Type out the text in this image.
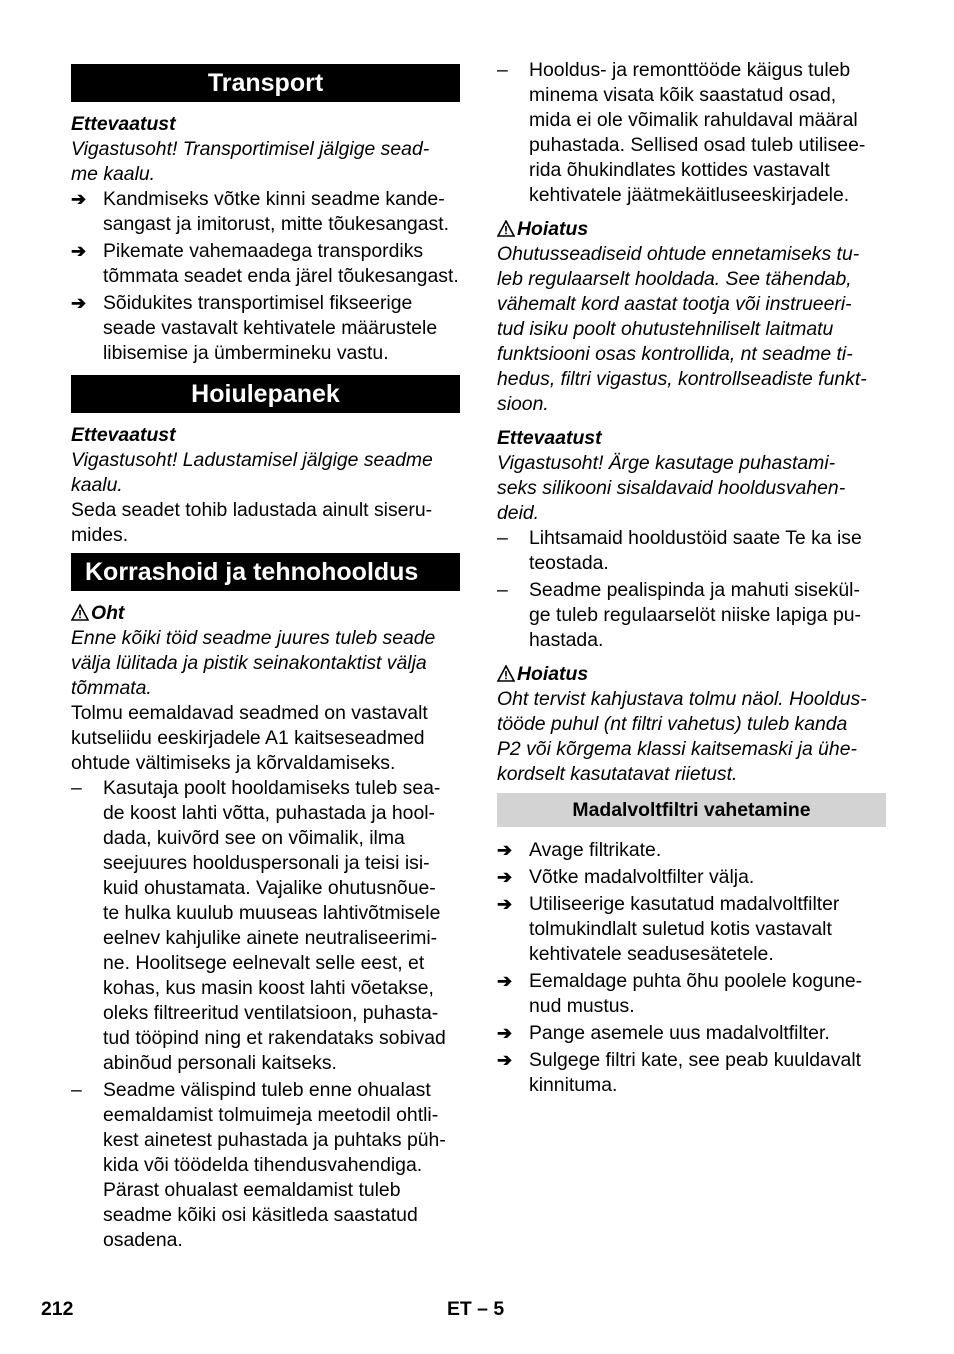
Transport
Ettevaatust
Vigastusoht! Transportimisel jälgige sead-
me kaalu.
➔ Kandmiseks võtke kinni seadme kande-
sangast ja imitorust, mitte tõukesangast.
➔ Pikemate vahemaadega transpordiks
tõmmata seadet enda järel tõukesangast.
➔ Sõidukites transportimisel fikseerige
seade vastavalt kehtivatele määrustele
libisemise ja ümbermineku vastu.
Hoiulepanek
Ettevaatust
Vigastusoht! Ladustamisel jälgige seadme
kaalu.
Seda seadet tohib ladustada ainult siseru-
mides.
Korrashoid ja tehnohooldus
Oht
Enne kõiki töid seadme juures tuleb seade
välja lülitada ja pistik seinakontaktist välja
tõmmata.
Tolmu eemaldavad seadmed on vastavalt
kutseliidu eeskirjadele A1 kaitseseadmed
ohtude vältimiseks ja kõrvaldamiseks.
–	Kasutaja poolt hooldamiseks tuleb sea-
de koost lahti võtta, puhastada ja hool-
dada, kuivõrd see on võimalik, ilma
seejuures hoolduspersonali ja teisi isi-
kuid ohustamata. Vajalike ohutusnõue-
te hulka kuulub muuseas lahtivõtmisele
eelnev kahjulike ainete neutraliseerimi-
ne. Hoolitsege eelnevalt selle eest, et
kohas, kus masin koost lahti võetakse,
oleks filtreeritud ventilatsioon, puhasta-
tud tööpind ning et rakendataks sobivad
abinõud personali kaitseks.
–	Seadme välispind tuleb enne ohualast
eemaldamist tolmuimeja meetodil ohtli-
kest ainetest puhastada ja puhtaks püh-
kida või töödelda tihendusvahendiga.
Pärast ohualast eemaldamist tuleb
seadme kõiki osi käsitleda saastatud
osadena.
–	Hooldus- ja remonttööde käigus tuleb
minema visata kõik saastatud osad,
mida ei ole võimalik rahuldaval määral
puhastada. Sellised osad tuleb utilisee-
rida õhukindlates kottides vastavalt
kehtivatele jäätmekäitluseeskirjadele.
Hoiatus
Ohutusseadiseid ohtude ennetamiseks tu-
leb regulaarselt hooldada. See tähendab,
vähemalt kord aastat tootja või instrueeri-
tud isiku poolt ohutustehniliselt laitmatu
funktsiooni osas kontrollida, nt seadme ti-
hedus, filtri vigastus, kontrollseadiste funkt-
sioon.
Ettevaatust
Vigastusoht! Ärge kasutage puhastami-
seks silikooni sisaldavaid hooldusvahen-
deid.
–	Lihtsamaid hooldustöid saate Te ka ise
teostada.
–	Seadme pealispinda ja mahuti sisekül-
ge tuleb regulaarselöt niiske lapiga pu-
hastada.
Hoiatus
Oht tervist kahjustava tolmu näol. Hooldus-
tööde puhul (nt filtri vahetus) tuleb kanda
P2 või kõrgema klassi kaitsemaski ja ühe-
kordselt kasutatavat riietust.
Madalvoltfiltri vahetamine
➔ Avage filtrikate.
➔ Võtke madalvoltfilter välja.
➔ Utiliseerige kasutatud madalvoltfilter
tolmukindlalt suletud kotis vastavalt
kehtivatele seadusesätetele.
➔ Eemaldage puhta õhu poolele kogune-
nud mustus.
➔ Pange asemele uus madalvoltfilter.
➔ Sulgege filtri kate, see peab kuuldavalt
kinnituma.
212	ET – 5
